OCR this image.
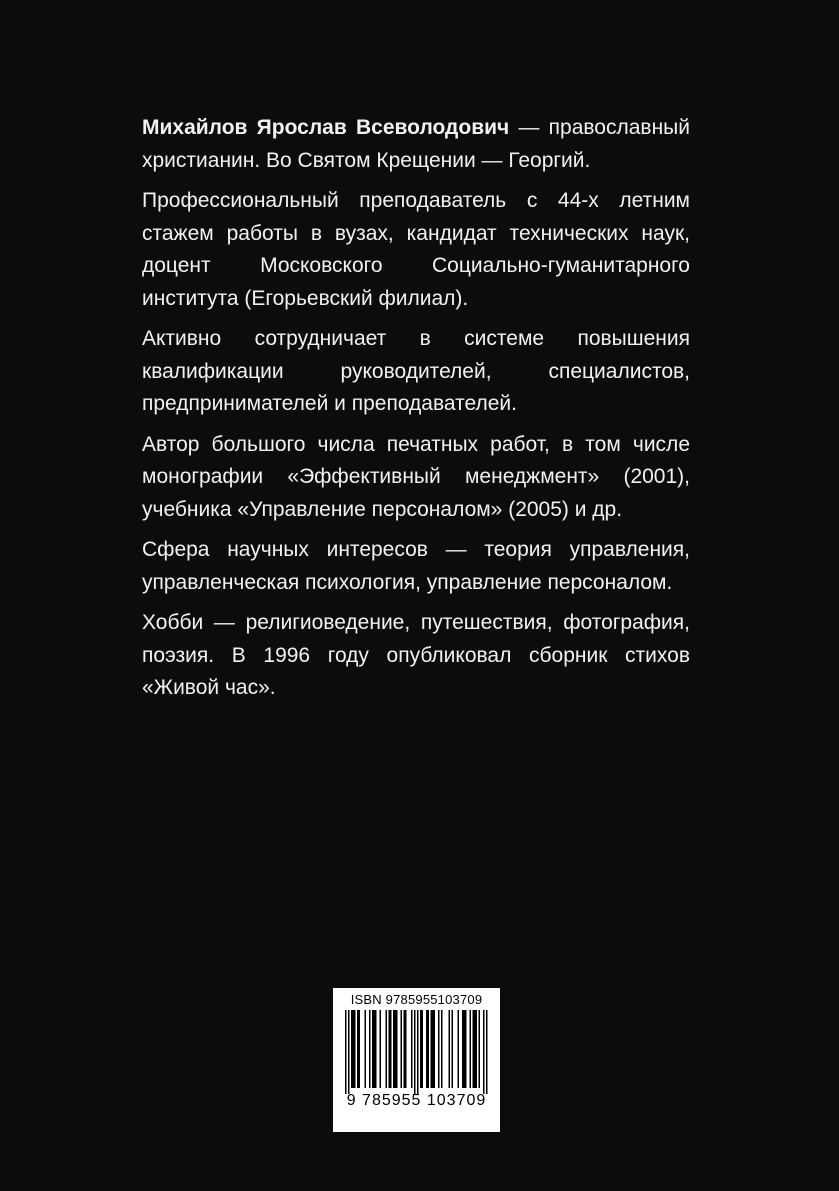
Михайлов Ярослав Всеволодович — православный христианин. Во Святом Крещении — Георгий.

Профессиональный преподаватель с 44-х летним стажем работы в вузах, кандидат технических наук, доцент Московского Социально-гуманитарного института (Егорьевский филиал).

Активно сотрудничает в системе повышения квалификации руководителей, специалистов, предпринимателей и преподавателей.

Автор большого числа печатных работ, в том числе монографии «Эффективный менеджмент» (2001), учебника «Управление персоналом» (2005) и др.

Сфера научных интересов — теория управления, управленческая психология, управление персоналом.

Хобби — религиоведение, путешествия, фотография, поэзия. В 1996 году опубликовал сборник стихов «Живой час».

ISBN 9785955103709
9 785955 103709
